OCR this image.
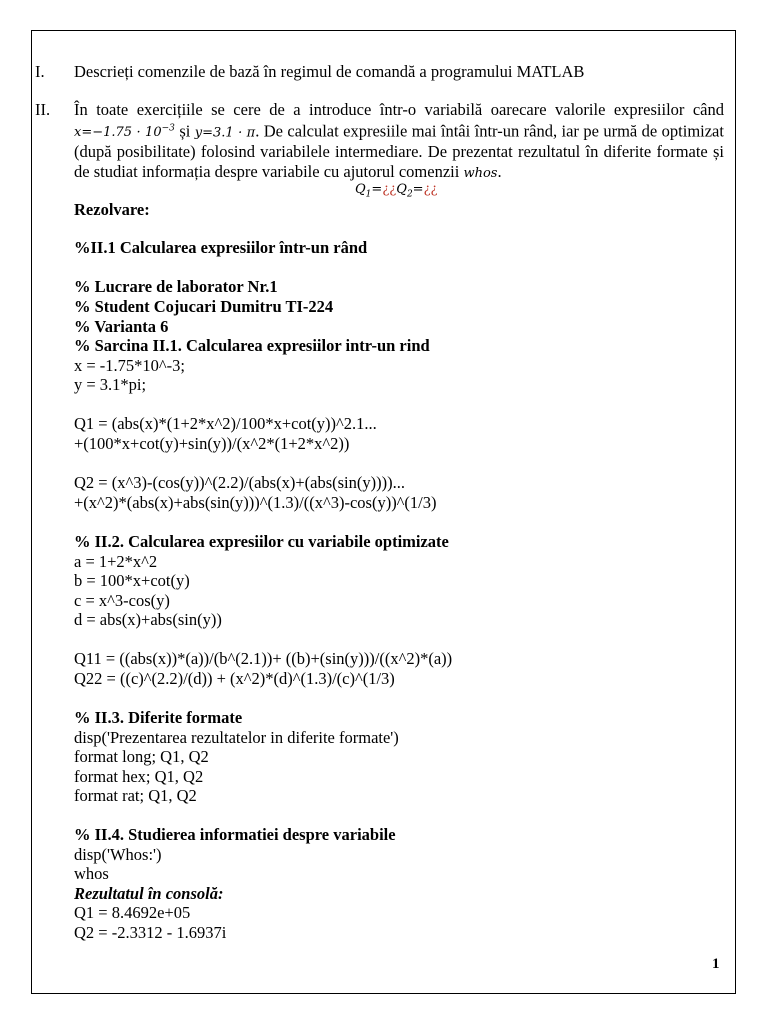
I. Descrieți comenzile de bază în regimul de comandă a programului MATLAB
II. În toate exercițiile se cere de a introduce într-o variabilă oarecare valorile expresiilor când $x=-1.75 \cdot 10^{-3}$ și y=3.1 · π. De calculat expresiile mai întâi într-un rând, iar pe urmă de optimizat (după posibilitate) folosind variabilele intermediare. De prezentat rezultatul în diferite formate și de studiat informația despre variabile cu ajutorul comenzii whos.
$Q_1=¿¿Q_2=¿¿$
Rezolvare:
%II.1 Calcularea expresiilor într-un rând
% Lucrare de laborator Nr.1
% Student Cojucari Dumitru TI-224
% Varianta 6
% Sarcina II.1. Calcularea expresiilor intr-un rind
x = -1.75*10^-3;
y = 3.1*pi;
Q1 = (abs(x)*(1+2*x^2)/100*x+cot(y))^2.1...
+(100*x+cot(y)+sin(y))/(x^2*(1+2*x^2))
Q2 = (x^3)-(cos(y))^(2.2)/(abs(x)+(abs(sin(y))))...
+(x^2)*(abs(x)+abs(sin(y)))^(1.3)/((x^3)-cos(y))^(1/3)
% II.2. Calcularea expresiilor cu variabile optimizate
a = 1+2*x^2
b = 100*x+cot(y)
c = x^3-cos(y)
d = abs(x)+abs(sin(y))
Q11 = ((abs(x))*(a))/(b^(2.1))+ ((b)+(sin(y)))/((x^2)*(a))
Q22 = ((c)^(2.2)/(d)) + (x^2)*(d)^(1.3)/(c)^(1/3)
% II.3. Diferite formate
disp('Prezentarea rezultatelor in diferite formate')
format long; Q1, Q2
format hex; Q1, Q2
format rat; Q1, Q2
% II.4. Studierea informatiei despre variabile
disp('Whos:')
whos
Rezultatul în consolă:
Q1 = 8.4692e+05
Q2 = -2.3312 - 1.6937i
1
